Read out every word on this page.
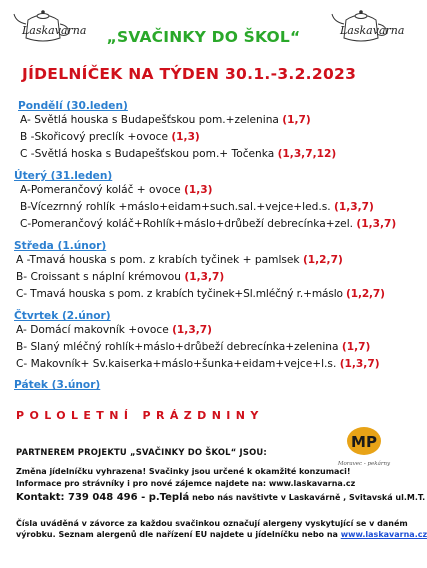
Laskavarna	Laskavarna
„SVAČINKY DO ŠKOL“
JÍDELNÍČEK NA TÝDEN 30.1.-3.2.2023
Pondělí (30.leden)
A- Světlá houska s Budapešťskou pom.+zelenina (1,7)
B -Skořicový preclík +ovoce (1,3)
C -Světlá hoska s Budapešťskou pom.+ Točenka (1,3,7,12)
Úterý (31.leden)
A-Pomerančový koláč + ovoce (1,3)
B-Vícezrnný rohlík +máslo+eidam+such.sal.+vejce+led.s. (1,3,7)
C-Pomerančový koláč+Rohlík+máslo+drůbeží debrecínka+zel. (1,3,7)
Středa (1.únor)
A -Tmavá houska s pom. z krabích tyčinek + pamlsek (1,2,7)
B- Croissant s náplní krémovou (1,3,7)
C- Tmavá houska s pom. z krabích tyčinek+Sl.mléčný r.+máslo (1,2,7)
Čtvrtek (2.únor)
A- Domácí makovník +ovoce (1,3,7)
B- Slaný mléčný rohlík+máslo+drůbeží debrecínka+zelenina (1,7)
C- Makovník+ Sv.kaiserka+máslo+šunka+eidam+vejce+l.s. (1,3,7)
Pátek (3.únor)
POLOLETNÍ PRÁZDNINY
PARTNEREM PROJEKTU „SVAČINKY DO ŠKOL“ JSOU:
MP
Moravec - pekárny
Změna jídelníčku vyhrazena! Svačinky jsou určené k okamžité konzumaci!
Informace pro strávníky i pro nové zájemce najdete na: www.laskavarna.cz
Kontakt: 739 048 496 - p.Teplá nebo nás navštivte v Laskavárně , Svitavská ul.M.T.
Čísla uváděná v závorce za každou svačinkou označují alergeny vyskytující se v daném
výrobku. Seznam alergenů dle nařízení EU najdete u jídelníčku nebo na www.laskavarna.cz
